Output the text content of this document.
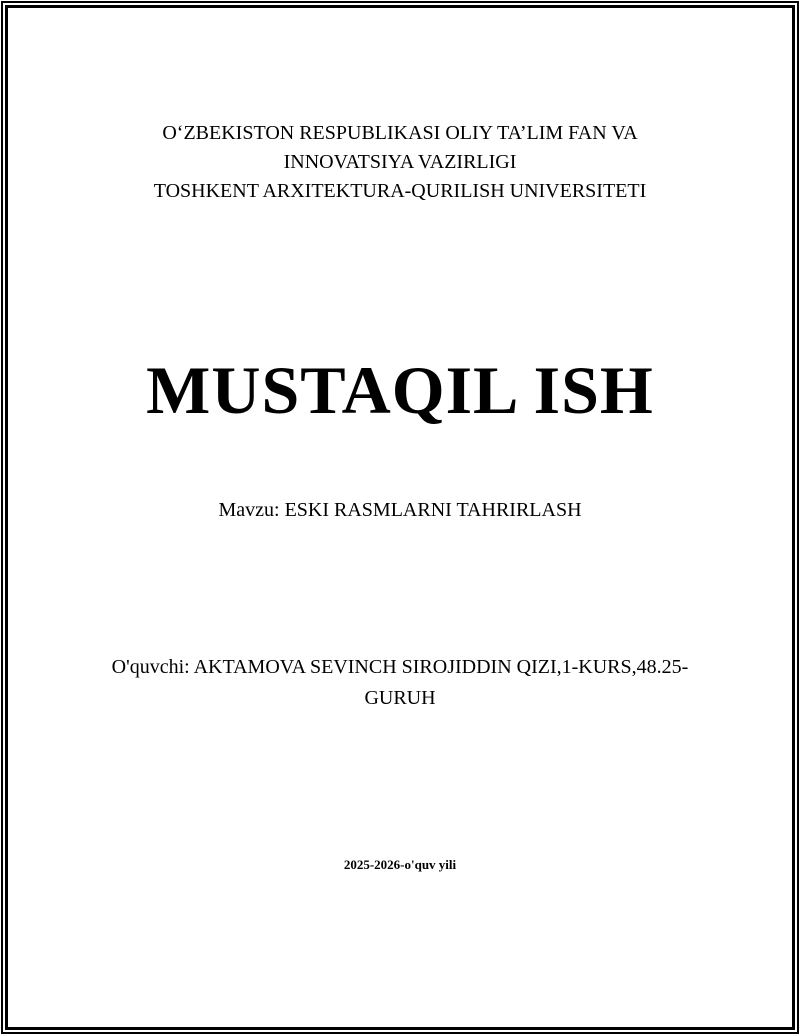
OʻZBEKISTON RESPUBLIKASI OLIY TA’LIM FAN VA
INNOVATSIYA VAZIRLIGI
TOSHKENT ARXITEKTURA-QURILISH UNIVERSITETI
MUSTAQIL ISH
Mavzu: ESKI RASMLARNI TAHRIRLASH
O'quvchi: AKTAMOVA SEVINCH SIROJIDDIN QIZI,1-KURS,48.25-
GURUH
2025-2026-o'quv yili
